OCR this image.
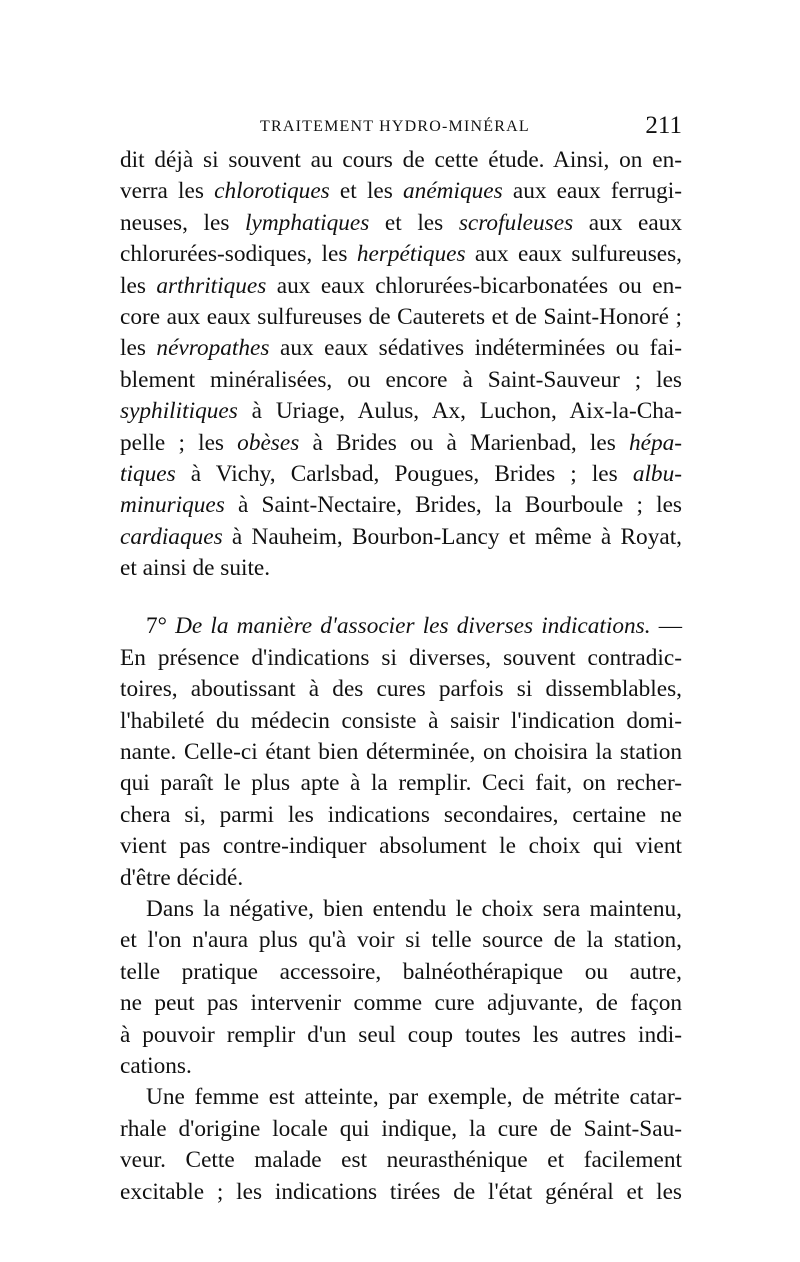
TRAITEMENT HYDRO-MINÉRAL	211
dit déjà si souvent au cours de cette étude. Ainsi, on en-
verra les chlorotiques et les anémiques aux eaux ferrugi-
neuses, les lymphatiques et les scrofuleuses aux eaux
chlorurées-sodiques, les herpétiques aux eaux sulfureuses,
les arthritiques aux eaux chlorurées-bicarbonatées ou en-
core aux eaux sulfureuses de Cauterets et de Saint-Honoré ;
les névropathes aux eaux sédatives indéterminées ou fai-
blement minéralisées, ou encore à Saint-Sauveur ; les
syphilitiques à Uriage, Aulus, Ax, Luchon, Aix-la-Cha-
pelle ; les obèses à Brides ou à Marienbad, les hépa-
tiques à Vichy, Carlsbad, Pougues, Brides ; les albu-
minuriques à Saint-Nectaire, Brides, la Bourboule ; les
cardiaques à Nauheim, Bourbon-Lancy et même à Royat,
et ainsi de suite.
7° De la manière d'associer les diverses indications. —
En présence d'indications si diverses, souvent contradic-
toires, aboutissant à des cures parfois si dissemblables,
l'habileté du médecin consiste à saisir l'indication domi-
nante. Celle-ci étant bien déterminée, on choisira la station
qui paraît le plus apte à la remplir. Ceci fait, on recher-
chera si, parmi les indications secondaires, certaine ne
vient pas contre-indiquer absolument le choix qui vient
d'être décidé.
Dans la négative, bien entendu le choix sera maintenu,
et l'on n'aura plus qu'à voir si telle source de la station,
telle pratique accessoire, balnéothérapique ou autre,
ne peut pas intervenir comme cure adjuvante, de façon
à pouvoir remplir d'un seul coup toutes les autres indi-
cations.
Une femme est atteinte, par exemple, de métrite catar-
rhale d'origine locale qui indique, la cure de Saint-Sau-
veur. Cette malade est neurasthénique et facilement
excitable ; les indications tirées de l'état général et les
